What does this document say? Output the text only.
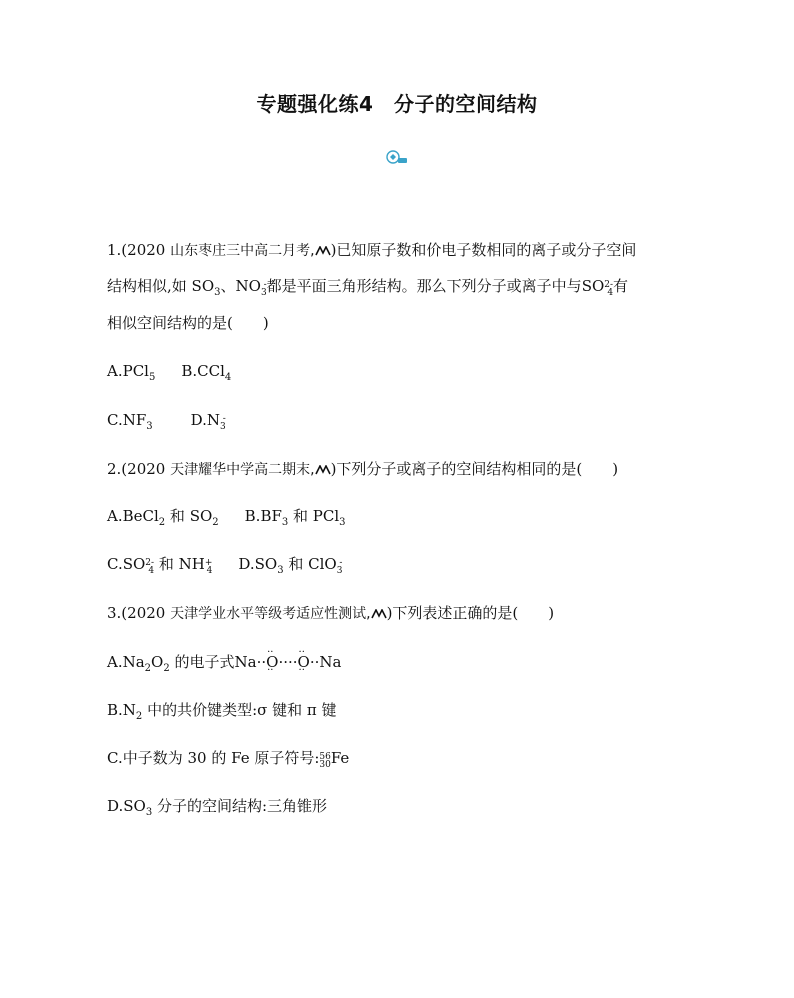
专题强化练4　分子的空间结构
1.(2020 山东枣庄三中高二月考, )已知原子数和价电子数相同的离子或分子空间
结构相似,如 $SO_3$、NO -
3都是平面三角形结构。那么下列分子或离子中与SO2-
4有
相似空间结构的是(　　)
A.PCl$_5$ B.CCl$_4$
$C.NF_3$	D.N -
3
2.(2020 天津耀华中学高二期末, )下列分子或离子的空间结构相同的是(　　)
A.BeCl$_2$ 和 $SO_2$ $B.BF_3$ 和 PCl$_3$
C.SO2-
4 和 NH+
4 $D.SO_3$ 和 ClO -
3
3.(2020 天津学业水平等级考适应性测试, )下列表述正确的是(　　)
$A.Na_2O_2$ 的电子式Na···· O ········ O ····Na
$B.N_2$ 中的共价键类型:σ 键和 π 键
C.中子数为 30 的 Fe 原子符号:56
30Fe
$D.SO_3$ 分子的空间结构:三角锥形
